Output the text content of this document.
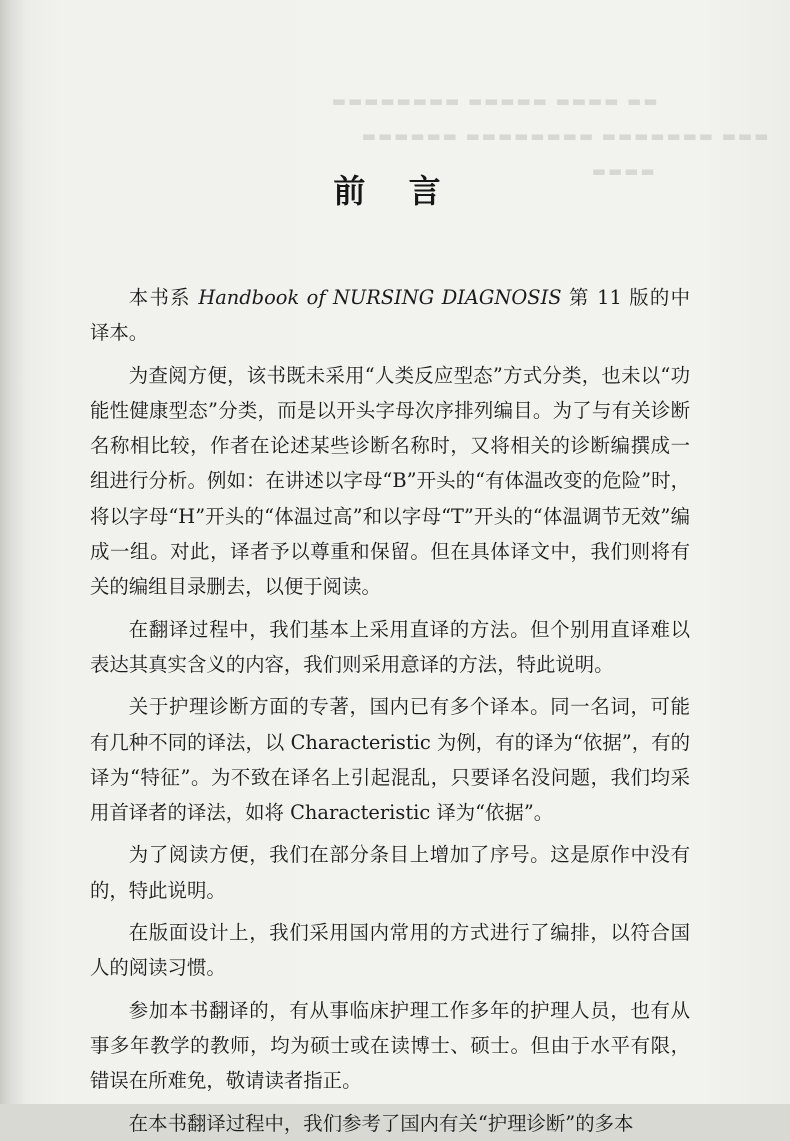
▬▬ ▬▬▬▬ ▬▬▬▬▬ ▬▬▬▬▬▬▬▬
▬▬▬ ▬▬▬▬▬▬▬ ▬▬▬▬▬▬▬▬ ▬▬▬▬▬▬
▬▬▬▬
前 言

本书系 Handbook of NURSING DIAGNOSIS 第 11 版的中译本。

为查阅方便，该书既未采用“人类反应型态”方式分类，也未以“功能性健康型态”分类，而是以开头字母次序排列编目。为了与有关诊断名称相比较，作者在论述某些诊断名称时，又将相关的诊断编撰成一组进行分析。例如：在讲述以字母“B”开头的“有体温改变的危险”时，将以字母“H”开头的“体温过高”和以字母“T”开头的“体温调节无效”编成一组。对此，译者予以尊重和保留。但在具体译文中，我们则将有关的编组目录删去，以便于阅读。

在翻译过程中，我们基本上采用直译的方法。但个别用直译难以表达其真实含义的内容，我们则采用意译的方法，特此说明。

关于护理诊断方面的专著，国内已有多个译本。同一名词，可能有几种不同的译法，以 Characteristic 为例，有的译为“依据”，有的译为“特征”。为不致在译名上引起混乱，只要译名没问题，我们均采用首译者的译法，如将 Characteristic 译为“依据”。

为了阅读方便，我们在部分条目上增加了序号。这是原作中没有的，特此说明。

在版面设计上，我们采用国内常用的方式进行了编排，以符合国人的阅读习惯。

参加本书翻译的，有从事临床护理工作多年的护理人员，也有从事多年教学的教师，均为硕士或在读博士、硕士。但由于水平有限，错误在所难免，敬请读者指正。

在本书翻译过程中，我们参考了国内有关“护理诊断”的多本
